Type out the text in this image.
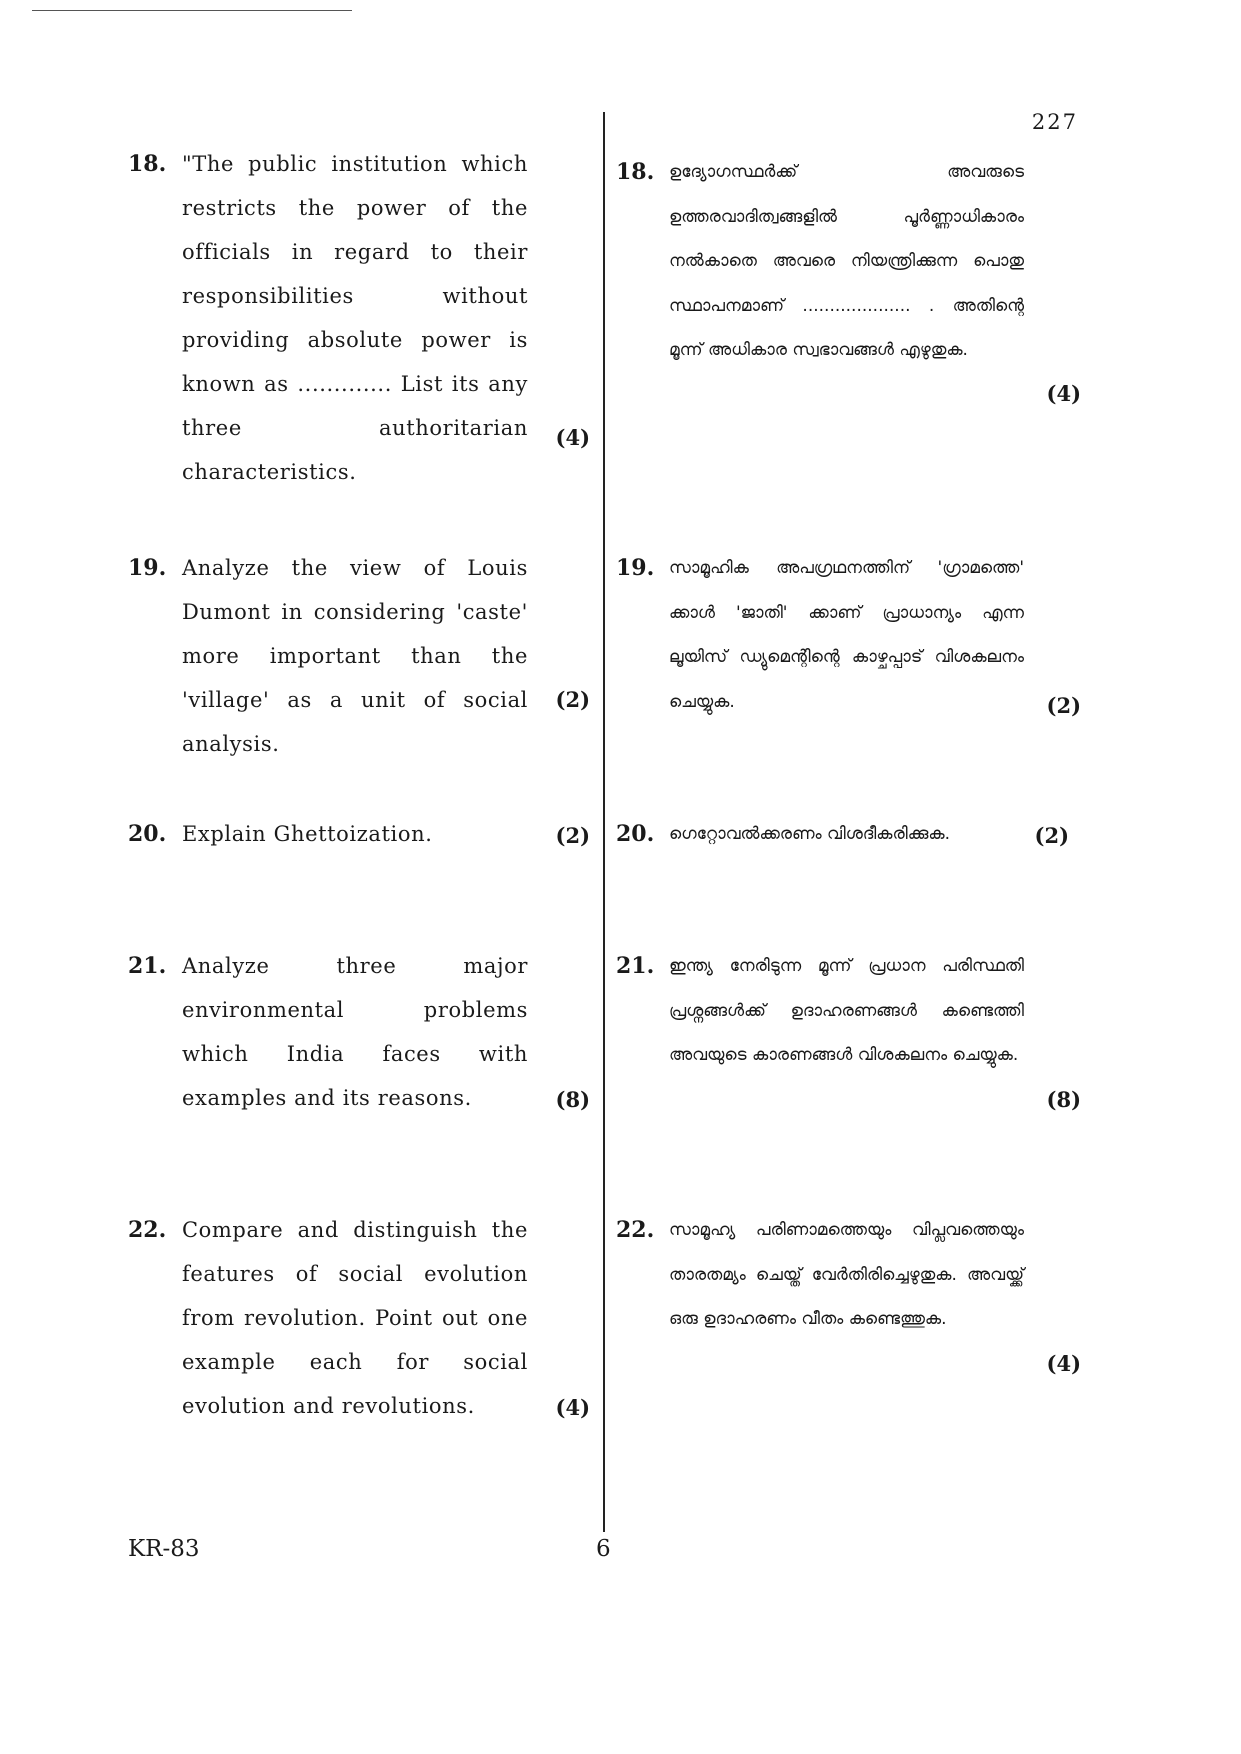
227
18. "The public institution which restricts the power of the officials in regard to their responsibilities without providing absolute power is known as ............. List its any three authoritarian characteristics.
(4)
19. Analyze the view of Louis Dumont in considering 'caste' more important than the 'village' as a unit of social analysis.
(2)
20. Explain Ghettoization.	(2)
21. Analyze three major environmental problems which India faces with examples and its reasons.	(8)
22. Compare and distinguish the features of social evolution from revolution. Point out one example each for social evolution and revolutions.	(4)
18. ഉദ്യോഗസ്ഥർക്ക് അവരുടെ ഉത്തരവാദിത്വങ്ങളിൽ പൂർണ്ണാധികാരം നൽകാതെ അവരെ നിയന്ത്രിക്കുന്ന പൊതു സ്ഥാപനമാണ് .................... . അതിന്റെ മൂന്ന് അധികാര സ്വഭാവങ്ങൾ എഴുതുക.
(4)
19. സാമൂഹിക അപഗ്രഥനത്തിന് 'ഗ്രാമത്തെ' ക്കാൾ 'ജാതി' ക്കാണ് പ്രാധാന്യം എന്ന ലൂയിസ് ഡ്യുമെന്റിന്റെ കാഴ്ചപ്പാട് വിശകലനം ചെയ്യുക.	(2)
20. ഗെറ്റോവൽക്കരണം വിശദീകരിക്കുക.	(2)
21. ഇന്ത്യ നേരിടുന്ന മൂന്ന് പ്രധാന പരിസ്ഥതി പ്രശ്നങ്ങൾക്ക് ഉദാഹരണങ്ങൾ കണ്ടെത്തി അവയുടെ കാരണങ്ങൾ വിശകലനം ചെയ്യുക.
(8)
22. സാമൂഹ്യ പരിണാമത്തെയും വിപ്ലവത്തെയും താരതമ്യം ചെയ്ത് വേർതിരിച്ചെഴുതുക. അവയ്ക്ക് ഒരു ഉദാഹരണം വീതം കണ്ടെത്തുക.
(4)
KR-83	6
